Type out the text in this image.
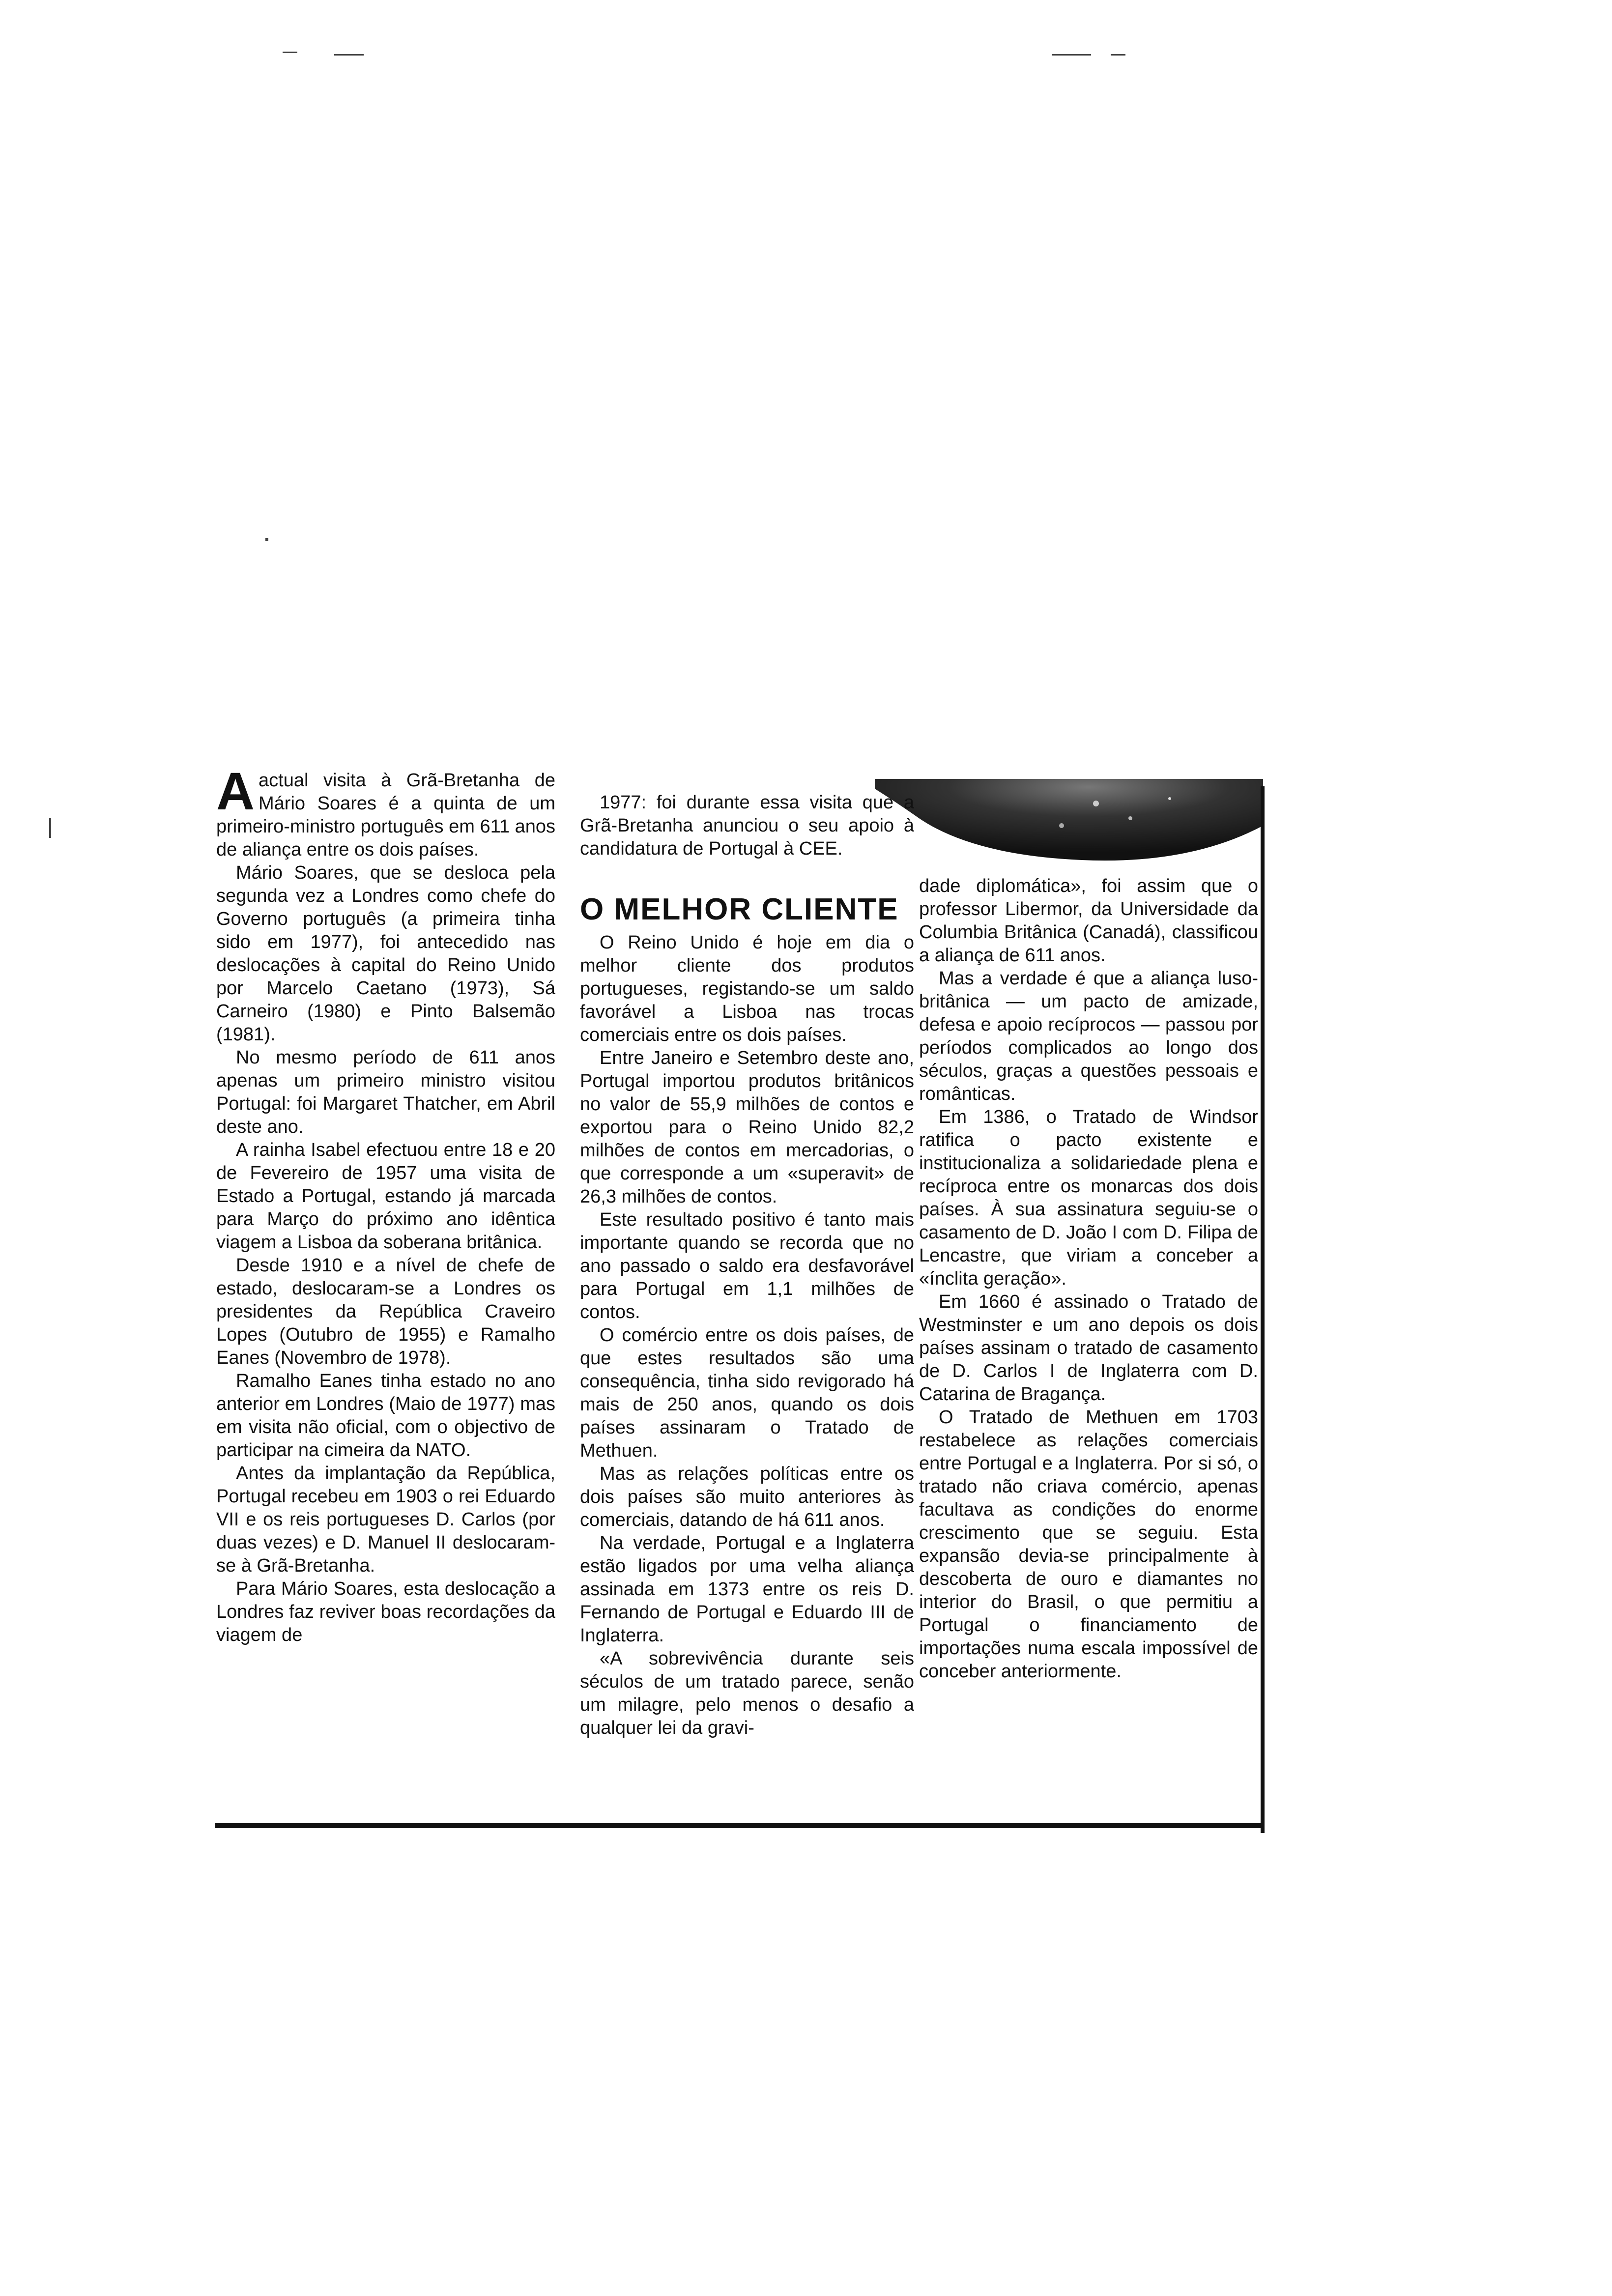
O MELHOR CLIENTE

Aactual visita à Grã-Bretanha de Mário Soares é a quinta de um primeiro-ministro português em 611 anos de aliança entre os dois países.

Mário Soares, que se desloca pela segunda vez a Londres como chefe do Governo português (a primeira tinha sido em 1977), foi antecedido nas deslocações à capital do Reino Unido por Marcelo Caetano (1973), Sá Carneiro (1980) e Pinto Balsemão (1981).

No mesmo período de 611 anos apenas um primeiro ministro visitou Portugal: foi Margaret Thatcher, em Abril deste ano.

A rainha Isabel efectuou entre 18 e 20 de Fevereiro de 1957 uma visita de Estado a Portugal, estando já marcada para Março do próximo ano idêntica viagem a Lisboa da soberana britânica.

Desde 1910 e a nível de chefe de estado, deslocaram-se a Londres os presidentes da República Craveiro Lopes (Outubro de 1955) e Ramalho Eanes (Novembro de 1978).

Ramalho Eanes tinha estado no ano anterior em Londres (Maio de 1977) mas em visita não oficial, com o objectivo de participar na cimeira da NATO.

Antes da implantação da República, Portugal recebeu em 1903 o rei Eduardo VII e os reis portugueses D. Carlos (por duas vezes) e D. Manuel II deslocaram-se à Grã-Bretanha.

Para Mário Soares, esta deslocação a Londres faz reviver boas recordações da viagem de

1977: foi durante essa visita que a Grã-Bretanha anunciou o seu apoio à candidatura de Portugal à CEE.

O Reino Unido é hoje em dia o melhor cliente dos produtos portugueses, registando-se um saldo favorável a Lisboa nas trocas comerciais entre os dois países.

Entre Janeiro e Setembro deste ano, Portugal importou produtos britânicos no valor de 55,9 milhões de contos e exportou para o Reino Unido 82,2 milhões de contos em mercadorias, o que corresponde a um «superavit» de 26,3 milhões de contos.

Este resultado positivo é tanto mais importante quando se recorda que no ano passado o saldo era desfavorável para Portugal em 1,1 milhões de contos.

O comércio entre os dois países, de que estes resultados são uma consequência, tinha sido revigorado há mais de 250 anos, quando os dois países assinaram o Tratado de Methuen.

Mas as relações políticas entre os dois países são muito anteriores às comerciais, datando de há 611 anos.

Na verdade, Portugal e a Inglaterra estão ligados por uma velha aliança assinada em 1373 entre os reis D. Fernando de Portugal e Eduardo III de Inglaterra.

«A sobrevivência durante seis séculos de um tratado parece, senão um milagre, pelo menos o desafio a qualquer lei da gravi-

dade diplomática», foi assim que o professor Libermor, da Universidade da Columbia Britânica (Canadá), classificou a aliança de 611 anos.

Mas a verdade é que a aliança luso-britânica — um pacto de amizade, defesa e apoio recíprocos — passou por períodos complicados ao longo dos séculos, graças a questões pessoais e românticas.

Em 1386, o Tratado de Windsor ratifica o pacto existente e institucionaliza a solidariedade plena e recíproca entre os monarcas dos dois países. À sua assinatura seguiu-se o casamento de D. João I com D. Filipa de Lencastre, que viriam a conceber a «ínclita geração».

Em 1660 é assinado o Tratado de Westminster e um ano depois os dois países assinam o tratado de casamento de D. Carlos I de Inglaterra com D. Catarina de Bragança.

O Tratado de Methuen em 1703 restabelece as relações comerciais entre Portugal e a Inglaterra. Por si só, o tratado não criava comércio, apenas facultava as condições do enorme crescimento que se seguiu. Esta expansão devia-se principalmente à descoberta de ouro e diamantes no interior do Brasil, o que permitiu a Portugal o financiamento de importações numa escala impossível de conceber anteriormente.
